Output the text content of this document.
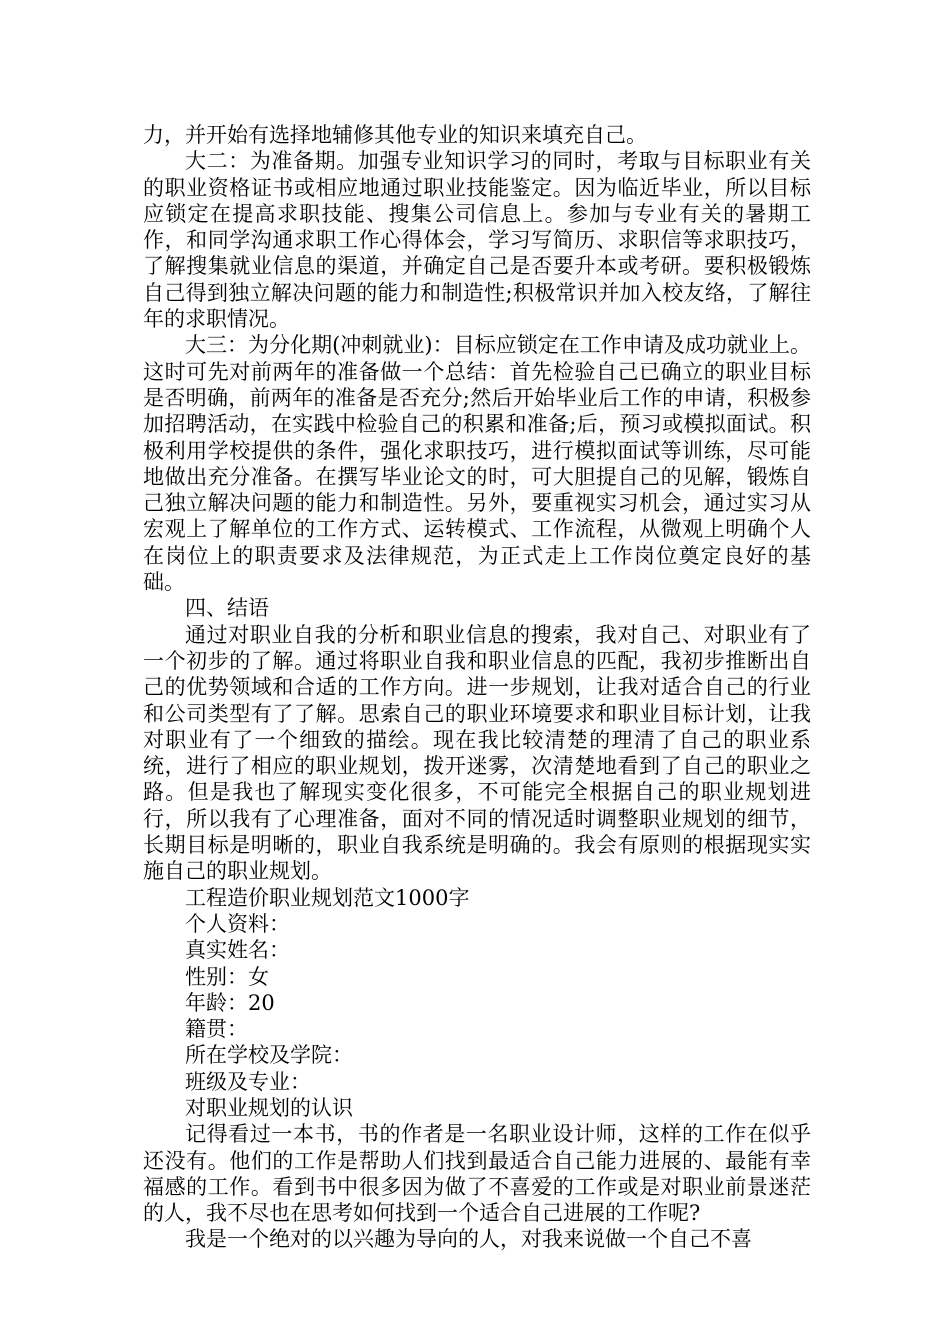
力，并开始有选择地辅修其他专业的知识来填充自己。

大二：为准备期。加强专业知识学习的同时，考取与目标职业有关的职业资格证书或相应地通过职业技能鉴定。因为临近毕业，所以目标应锁定在提高求职技能、搜集公司信息上。参加与专业有关的暑期工作，和同学沟通求职工作心得体会，学习写简历、求职信等求职技巧，了解搜集就业信息的渠道，并确定自己是否要升本或考研。要积极锻炼自己得到独立解决问题的能力和制造性;积极常识并加入校友络，了解往年的求职情况。

大三：为分化期(冲刺就业)：目标应锁定在工作申请及成功就业上。这时可先对前两年的准备做一个总结：首先检验自己已确立的职业目标是否明确，前两年的准备是否充分;然后开始毕业后工作的申请，积极参加招聘活动，在实践中检验自己的积累和准备;后，预习或模拟面试。积极利用学校提供的条件，强化求职技巧，进行模拟面试等训练，尽可能地做出充分准备。在撰写毕业论文的时，可大胆提自己的见解，锻炼自己独立解决问题的能力和制造性。另外，要重视实习机会，通过实习从宏观上了解单位的工作方式、运转模式、工作流程，从微观上明确个人在岗位上的职责要求及法律规范，为正式走上工作岗位奠定良好的基础。

四、结语

通过对职业自我的分析和职业信息的搜索，我对自己、对职业有了一个初步的了解。通过将职业自我和职业信息的匹配，我初步推断出自己的优势领域和合适的工作方向。进一步规划，让我对适合自己的行业和公司类型有了了解。思索自己的职业环境要求和职业目标计划，让我对职业有了一个细致的描绘。现在我比较清楚的理清了自己的职业系统，进行了相应的职业规划，拨开迷雾，次清楚地看到了自己的职业之路。但是我也了解现实变化很多，不可能完全根据自己的职业规划进行，所以我有了心理准备，面对不同的情况适时调整职业规划的细节，长期目标是明晰的，职业自我系统是明确的。我会有原则的根据现实实施自己的职业规划。

工程造价职业规划范文1000字

个人资料：

真实姓名：

性别：女

年龄：20

籍贯：

所在学校及学院：

班级及专业：

对职业规划的认识

记得看过一本书，书的作者是一名职业设计师，这样的工作在似乎还没有。他们的工作是帮助人们找到最适合自己能力进展的、最能有幸福感的工作。看到书中很多因为做了不喜爱的工作或是对职业前景迷茫的人，我不尽也在思考如何找到一个适合自己进展的工作呢?

我是一个绝对的以兴趣为导向的人，对我来说做一个自己不喜
